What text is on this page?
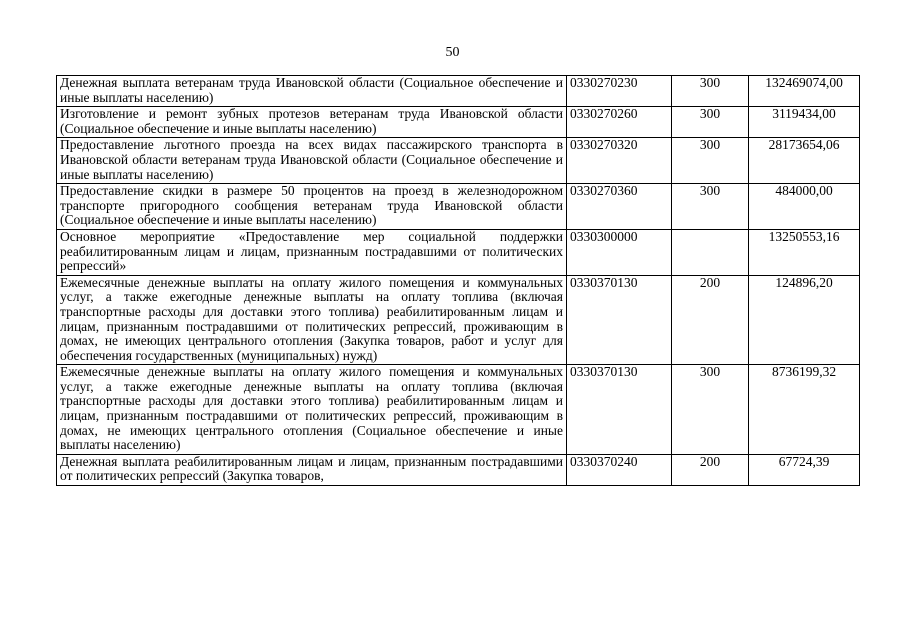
50
Денежная выплата ветеранам труда Ивановской области (Социальное обеспечение и иные выплаты населению)	0330270230	300	132469074,00
Изготовление и ремонт зубных протезов ветеранам труда Ивановской области (Социальное обеспечение и иные выплаты населению)	0330270260	300	3119434,00
Предоставление льготного проезда на всех видах пассажирского транспорта в Ивановской области ветеранам труда Ивановской области (Социальное обеспечение и иные выплаты населению)	0330270320	300	28173654,06
Предоставление скидки в размере 50 процентов на проезд в железнодорожном транспорте пригородного сообщения ветеранам труда Ивановской области (Социальное обеспечение и иные выплаты населению)	0330270360	300	484000,00
Основное мероприятие «Предоставление мер социальной поддержки реабилитированным лицам и лицам, признанным пострадавшими от политических репрессий»	0330300000		13250553,16
Ежемесячные денежные выплаты на оплату жилого помещения и коммунальных услуг, а также ежегодные денежные выплаты на оплату топлива (включая транспортные расходы для доставки этого топлива) реабилитированным лицам и лицам, признанным пострадавшими от политических репрессий, проживающим в домах, не имеющих центрального отопления (Закупка товаров, работ и услуг для обеспечения государственных (муниципальных) нужд)	0330370130	200	124896,20
Ежемесячные денежные выплаты на оплату жилого помещения и коммунальных услуг, а также ежегодные денежные выплаты на оплату топлива (включая транспортные расходы для доставки этого топлива) реабилитированным лицам и лицам, признанным пострадавшими от политических репрессий, проживающим в домах, не имеющих центрального отопления (Социальное обеспечение и иные выплаты населению)	0330370130	300	8736199,32
Денежная выплата реабилитированным лицам и лицам, признанным пострадавшими от политических репрессий (Закупка товаров,	0330370240	200	67724,39
